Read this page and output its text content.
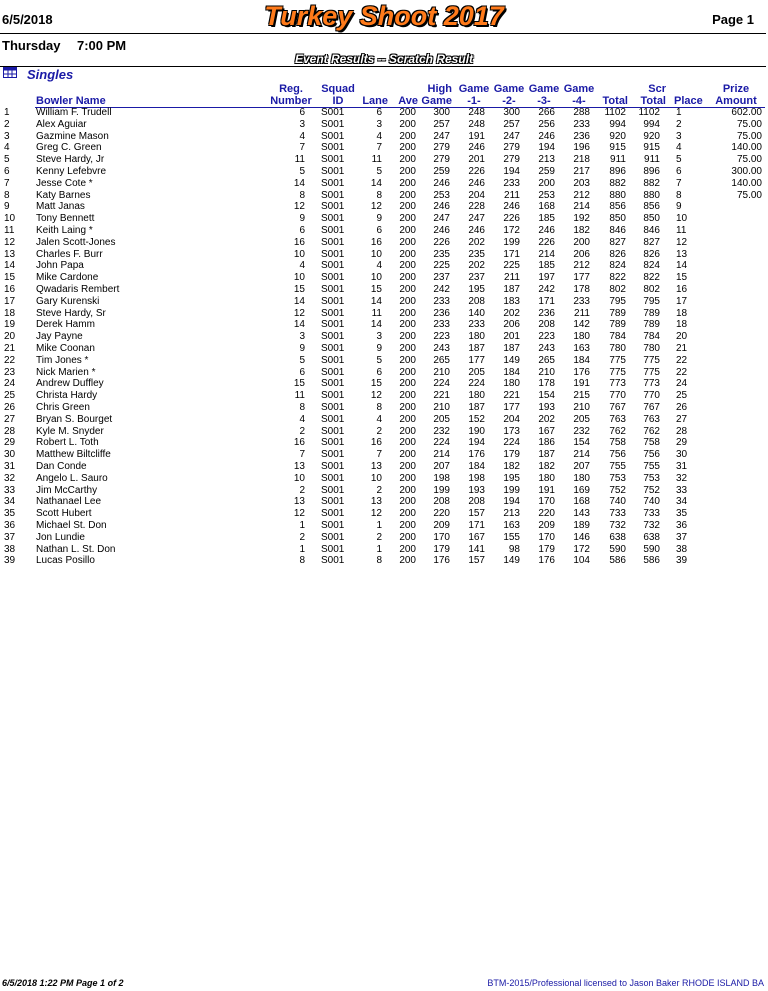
6/5/2018	Turkey Shoot 2017	Page 1
Thursday 7:00 PM
Event Results -- Scratch Result
Singles
Bowler Name
Reg.
Number
Squad
ID	Lane Ave
High
Game
Game
-1-
Game
-2-
Game
-3-
Game
-4-	Total
Scr
Total Place
Prize
Amount
1	William F. Trudell	6 S001	6	200	300	248	300	266	288	1102	1102 1	602.00
2	Alex Aguiar	3 S001	3	200	257	248	257	256	233	994	994 2	75.00
3	Gazmine Mason	4 S001	4	200	247	191	247	246	236	920	920 3	75.00
4	Greg C. Green	7 S001	7	200	279	246	279	194	196	915	915 4	140.00
5	Steve Hardy, Jr	11 S001	11	200	279	201	279	213	218	911	911 5	75.00
6	Kenny Lefebvre	5 S001	5	200	259	226	194	259	217	896	896 6	300.00
7	Jesse Cote *	14 S001	14	200	246	246	233	200	203	882	882 7	140.00
8	Katy Barnes	8 S001	8	200	253	204	211	253	212	880	880 8	75.00
9	Matt Janas	12 S001	12	200	246	228	246	168	214	856	856 9
10	Tony Bennett	9 S001	9	200	247	247	226	185	192	850	850 10
11	Keith Laing *	6 S001	6	200	246	246	172	246	182	846	846 11
12	Jalen Scott-Jones	16 S001	16	200	226	202	199	226	200	827	827 12
13	Charles F. Burr	10 S001	10	200	235	235	171	214	206	826	826 13
14	John Papa	4 S001	4	200	225	202	225	185	212	824	824 14
15	Mike Cardone	10 S001	10	200	237	237	211	197	177	822	822 15
16	Qwadaris Rembert	15 S001	15	200	242	195	187	242	178	802	802 16
17	Gary Kurenski	14 S001	14	200	233	208	183	171	233	795	795 17
18	Steve Hardy, Sr	12 S001	11	200	236	140	202	236	211	789	789 18
19	Derek Hamm	14 S001	14	200	233	233	206	208	142	789	789 18
20	Jay Payne	3 S001	3	200	223	180	201	223	180	784	784 20
21	Mike Coonan	9 S001	9	200	243	187	187	243	163	780	780 21
22	Tim Jones *	5 S001	5	200	265	177	149	265	184	775	775 22
23	Nick Marien *	6 S001	6	200	210	205	184	210	176	775	775 22
24	Andrew Duffley	15 S001	15	200	224	224	180	178	191	773	773 24
25	Christa Hardy	11 S001	12	200	221	180	221	154	215	770	770 25
26	Chris Green	8 S001	8	200	210	187	177	193	210	767	767 26
27	Bryan S. Bourget	4 S001	4	200	205	152	204	202	205	763	763 27
28	Kyle M. Snyder	2 S001	2	200	232	190	173	167	232	762	762 28
29	Robert L. Toth	16 S001	16	200	224	194	224	186	154	758	758 29
30	Matthew Biltcliffe	7 S001	7	200	214	176	179	187	214	756	756 30
31	Dan Conde	13 S001	13	200	207	184	182	182	207	755	755 31
32	Angelo L. Sauro	10 S001	10	200	198	198	195	180	180	753	753 32
33	Jim McCarthy	2 S001	2	200	199	193	199	191	169	752	752 33
34	Nathanael Lee	13 S001	13	200	208	208	194	170	168	740	740 34
35	Scott Hubert	12 S001	12	200	220	157	213	220	143	733	733 35
36	Michael St. Don	1 S001	1	200	209	171	163	209	189	732	732 36
37	Jon Lundie	2 S001	2	200	170	167	155	170	146	638	638 37
38	Nathan L. St. Don	1 S001	1	200	179	141	98	179	172	590	590 38
39	Lucas Posillo	8 S001	8	200	176	157	149	176	104	586	586 39
6/5/2018 1:22 PM Page 1 of 2	BTM-2015/Professional licensed to Jason Baker RHODE ISLAND BA
